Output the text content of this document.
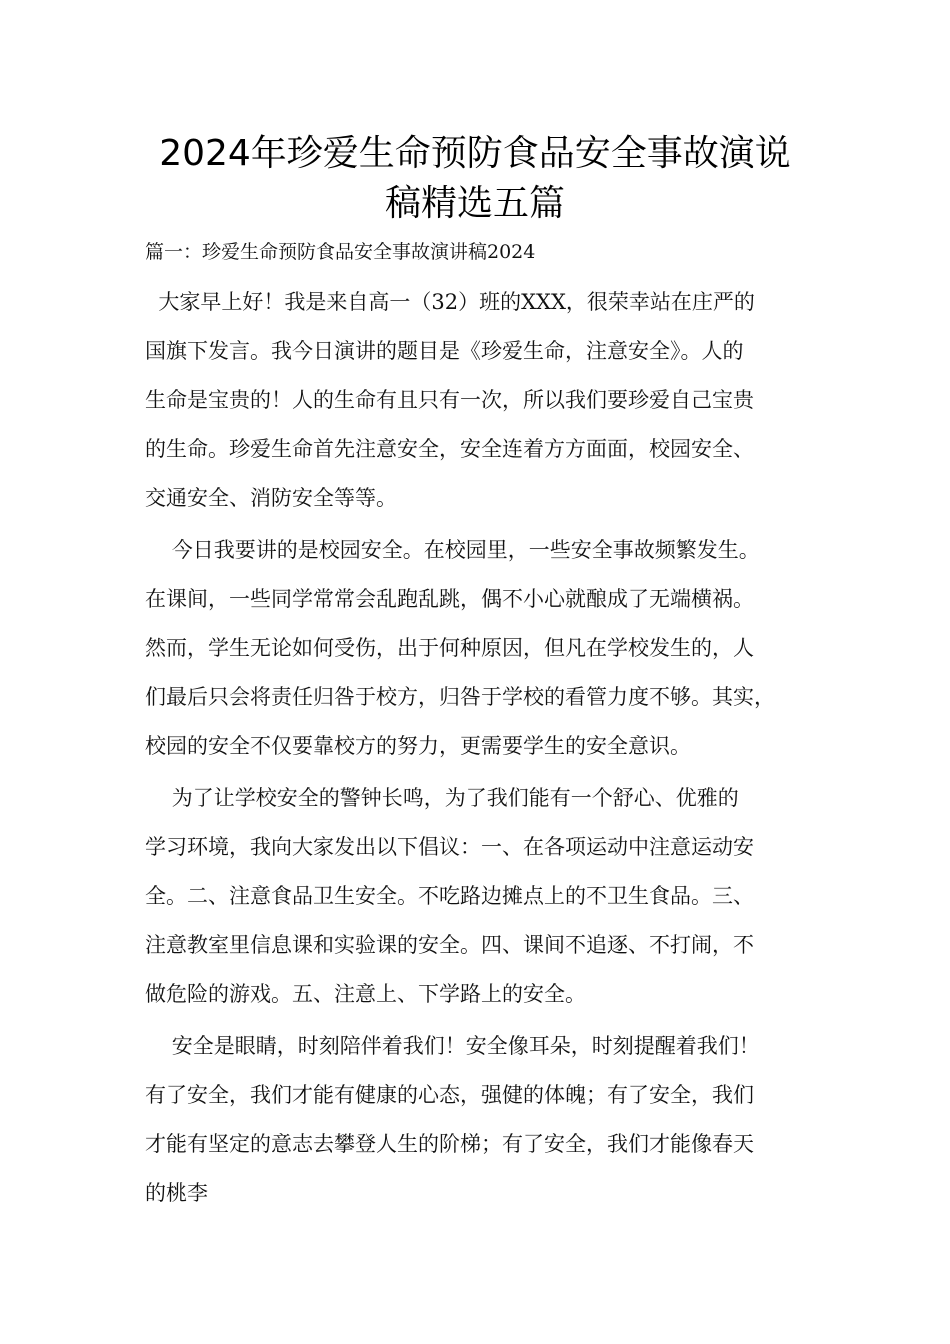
2024年珍爱生命预防食品安全事故演说
稿精选五篇

篇一：珍爱生命预防食品安全事故演讲稿2024

大家早上好！我是来自高一（32）班的XXX，很荣幸站在庄严的

国旗下发言。我今日演讲的题目是《珍爱生命，注意安全》。人的

生命是宝贵的！人的生命有且只有一次，所以我们要珍爱自己宝贵

的生命。珍爱生命首先注意安全，安全连着方方面面，校园安全、

交通安全、消防安全等等。

今日我要讲的是校园安全。在校园里，一些安全事故频繁发生。

在课间，一些同学常常会乱跑乱跳，偶不小心就酿成了无端横祸。

然而，学生无论如何受伤，出于何种原因，但凡在学校发生的，人

们最后只会将责任归咎于校方，归咎于学校的看管力度不够。其实，

校园的安全不仅要靠校方的努力，更需要学生的安全意识。

为了让学校安全的警钟长鸣，为了我们能有一个舒心、优雅的

学习环境，我向大家发出以下倡议：一、在各项运动中注意运动安

全。二、注意食品卫生安全。不吃路边摊点上的不卫生食品。三、

注意教室里信息课和实验课的安全。四、课间不追逐、不打闹，不

做危险的游戏。五、注意上、下学路上的安全。

安全是眼睛，时刻陪伴着我们！安全像耳朵，时刻提醒着我们！

有了安全，我们才能有健康的心态，强健的体魄；有了安全，我们

才能有坚定的意志去攀登人生的阶梯；有了安全，我们才能像春天

的桃李
